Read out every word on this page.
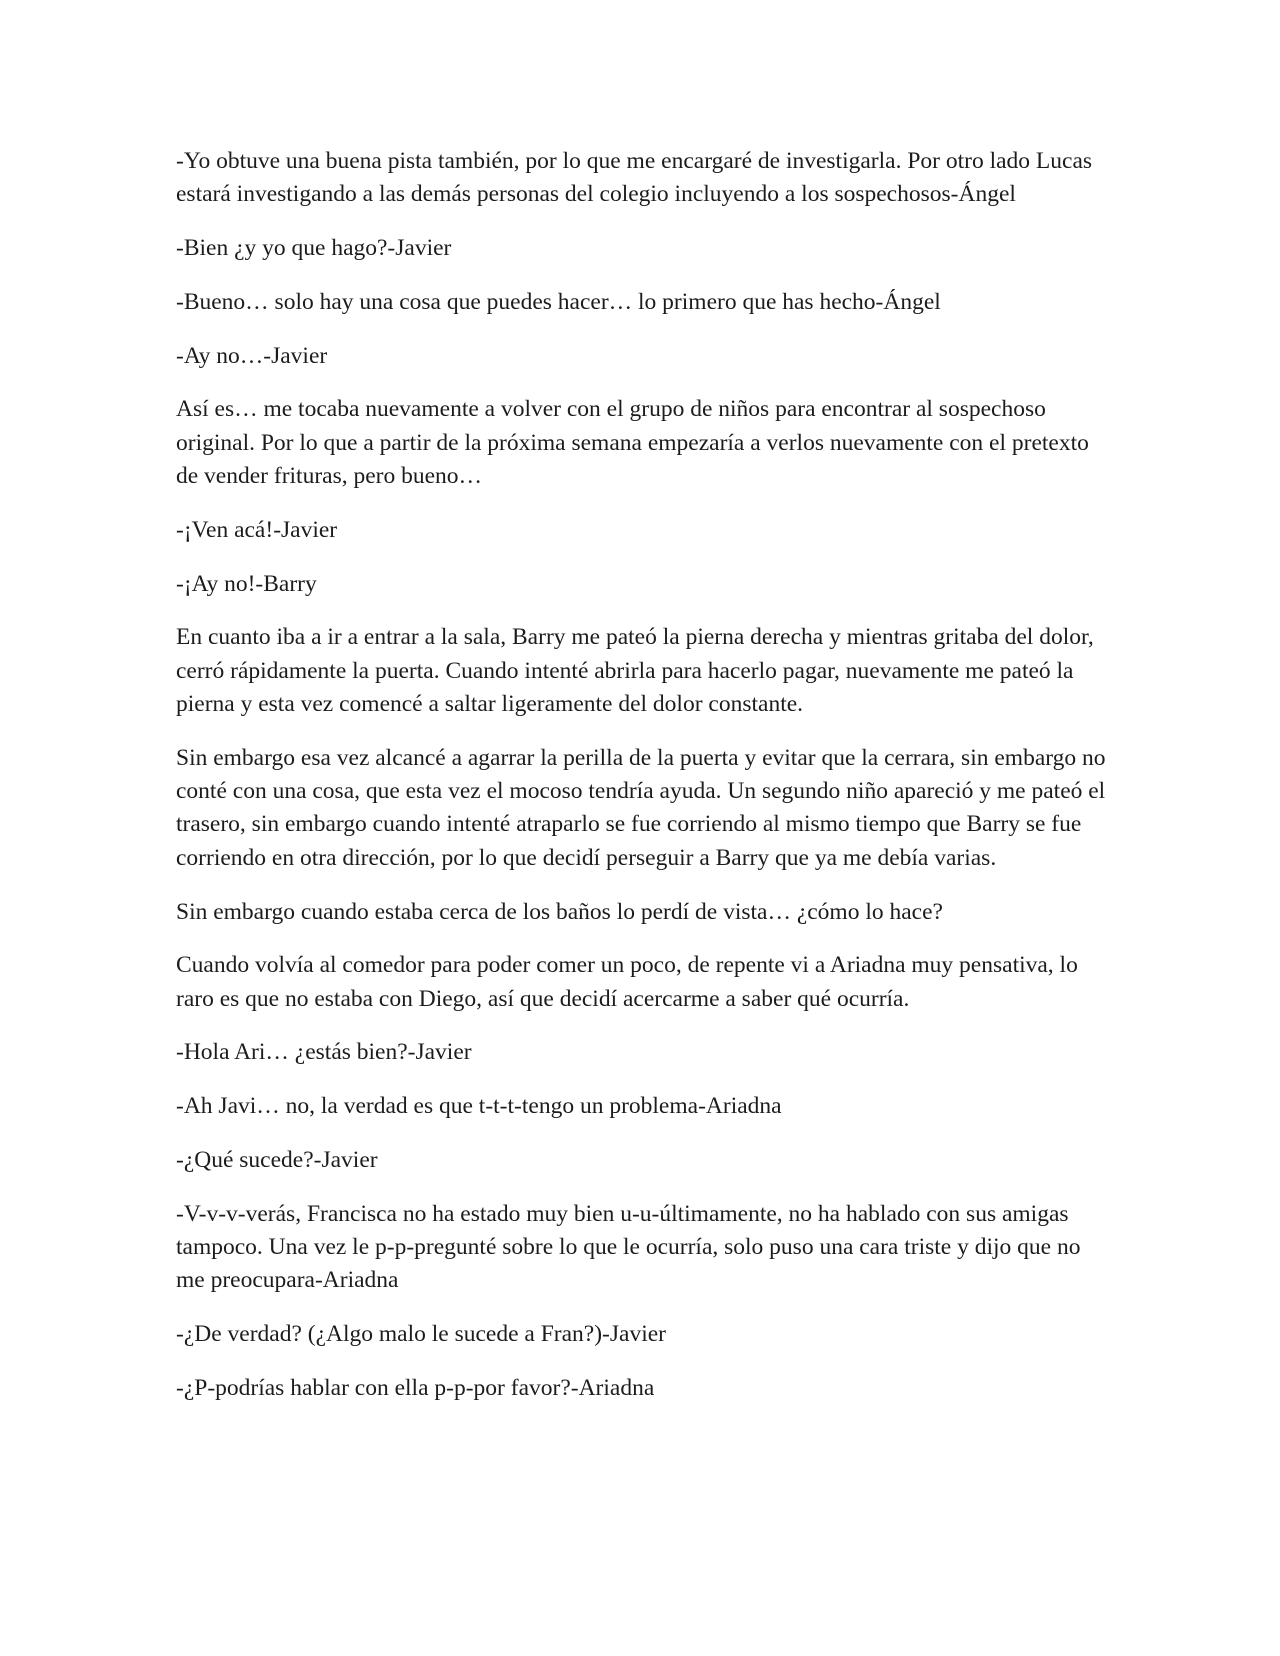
-Yo obtuve una buena pista también, por lo que me encargaré de investigarla. Por otro lado Lucas estará investigando a las demás personas del colegio incluyendo a los sospechosos-Ángel

-Bien ¿y yo que hago?-Javier

-Bueno… solo hay una cosa que puedes hacer… lo primero que has hecho-Ángel

-Ay no…-Javier

Así es… me tocaba nuevamente a volver con el grupo de niños para encontrar al sospechoso original. Por lo que a partir de la próxima semana empezaría a verlos nuevamente con el pretexto de vender frituras, pero bueno…

-¡Ven acá!-Javier

-¡Ay no!-Barry

En cuanto iba a ir a entrar a la sala, Barry me pateó la pierna derecha y mientras gritaba del dolor, cerró rápidamente la puerta. Cuando intenté abrirla para hacerlo pagar, nuevamente me pateó la pierna y esta vez comencé a saltar ligeramente del dolor constante.

Sin embargo esa vez alcancé a agarrar la perilla de la puerta y evitar que la cerrara, sin embargo no conté con una cosa, que esta vez el mocoso tendría ayuda. Un segundo niño apareció y me pateó el trasero, sin embargo cuando intenté atraparlo se fue corriendo al mismo tiempo que Barry se fue corriendo en otra dirección, por lo que decidí perseguir a Barry que ya me debía varias.

Sin embargo cuando estaba cerca de los baños lo perdí de vista… ¿cómo lo hace?

Cuando volvía al comedor para poder comer un poco, de repente vi a Ariadna muy pensativa, lo raro es que no estaba con Diego, así que decidí acercarme a saber qué ocurría.

-Hola Ari… ¿estás bien?-Javier

-Ah Javi… no, la verdad es que t-t-t-tengo un problema-Ariadna

-¿Qué sucede?-Javier

-V-v-v-verás, Francisca no ha estado muy bien u-u-últimamente, no ha hablado con sus amigas tampoco. Una vez le p-p-pregunté sobre lo que le ocurría, solo puso una cara triste y dijo que no me preocupara-Ariadna

-¿De verdad? (¿Algo malo le sucede a Fran?)-Javier

-¿P-podrías hablar con ella p-p-por favor?-Ariadna
